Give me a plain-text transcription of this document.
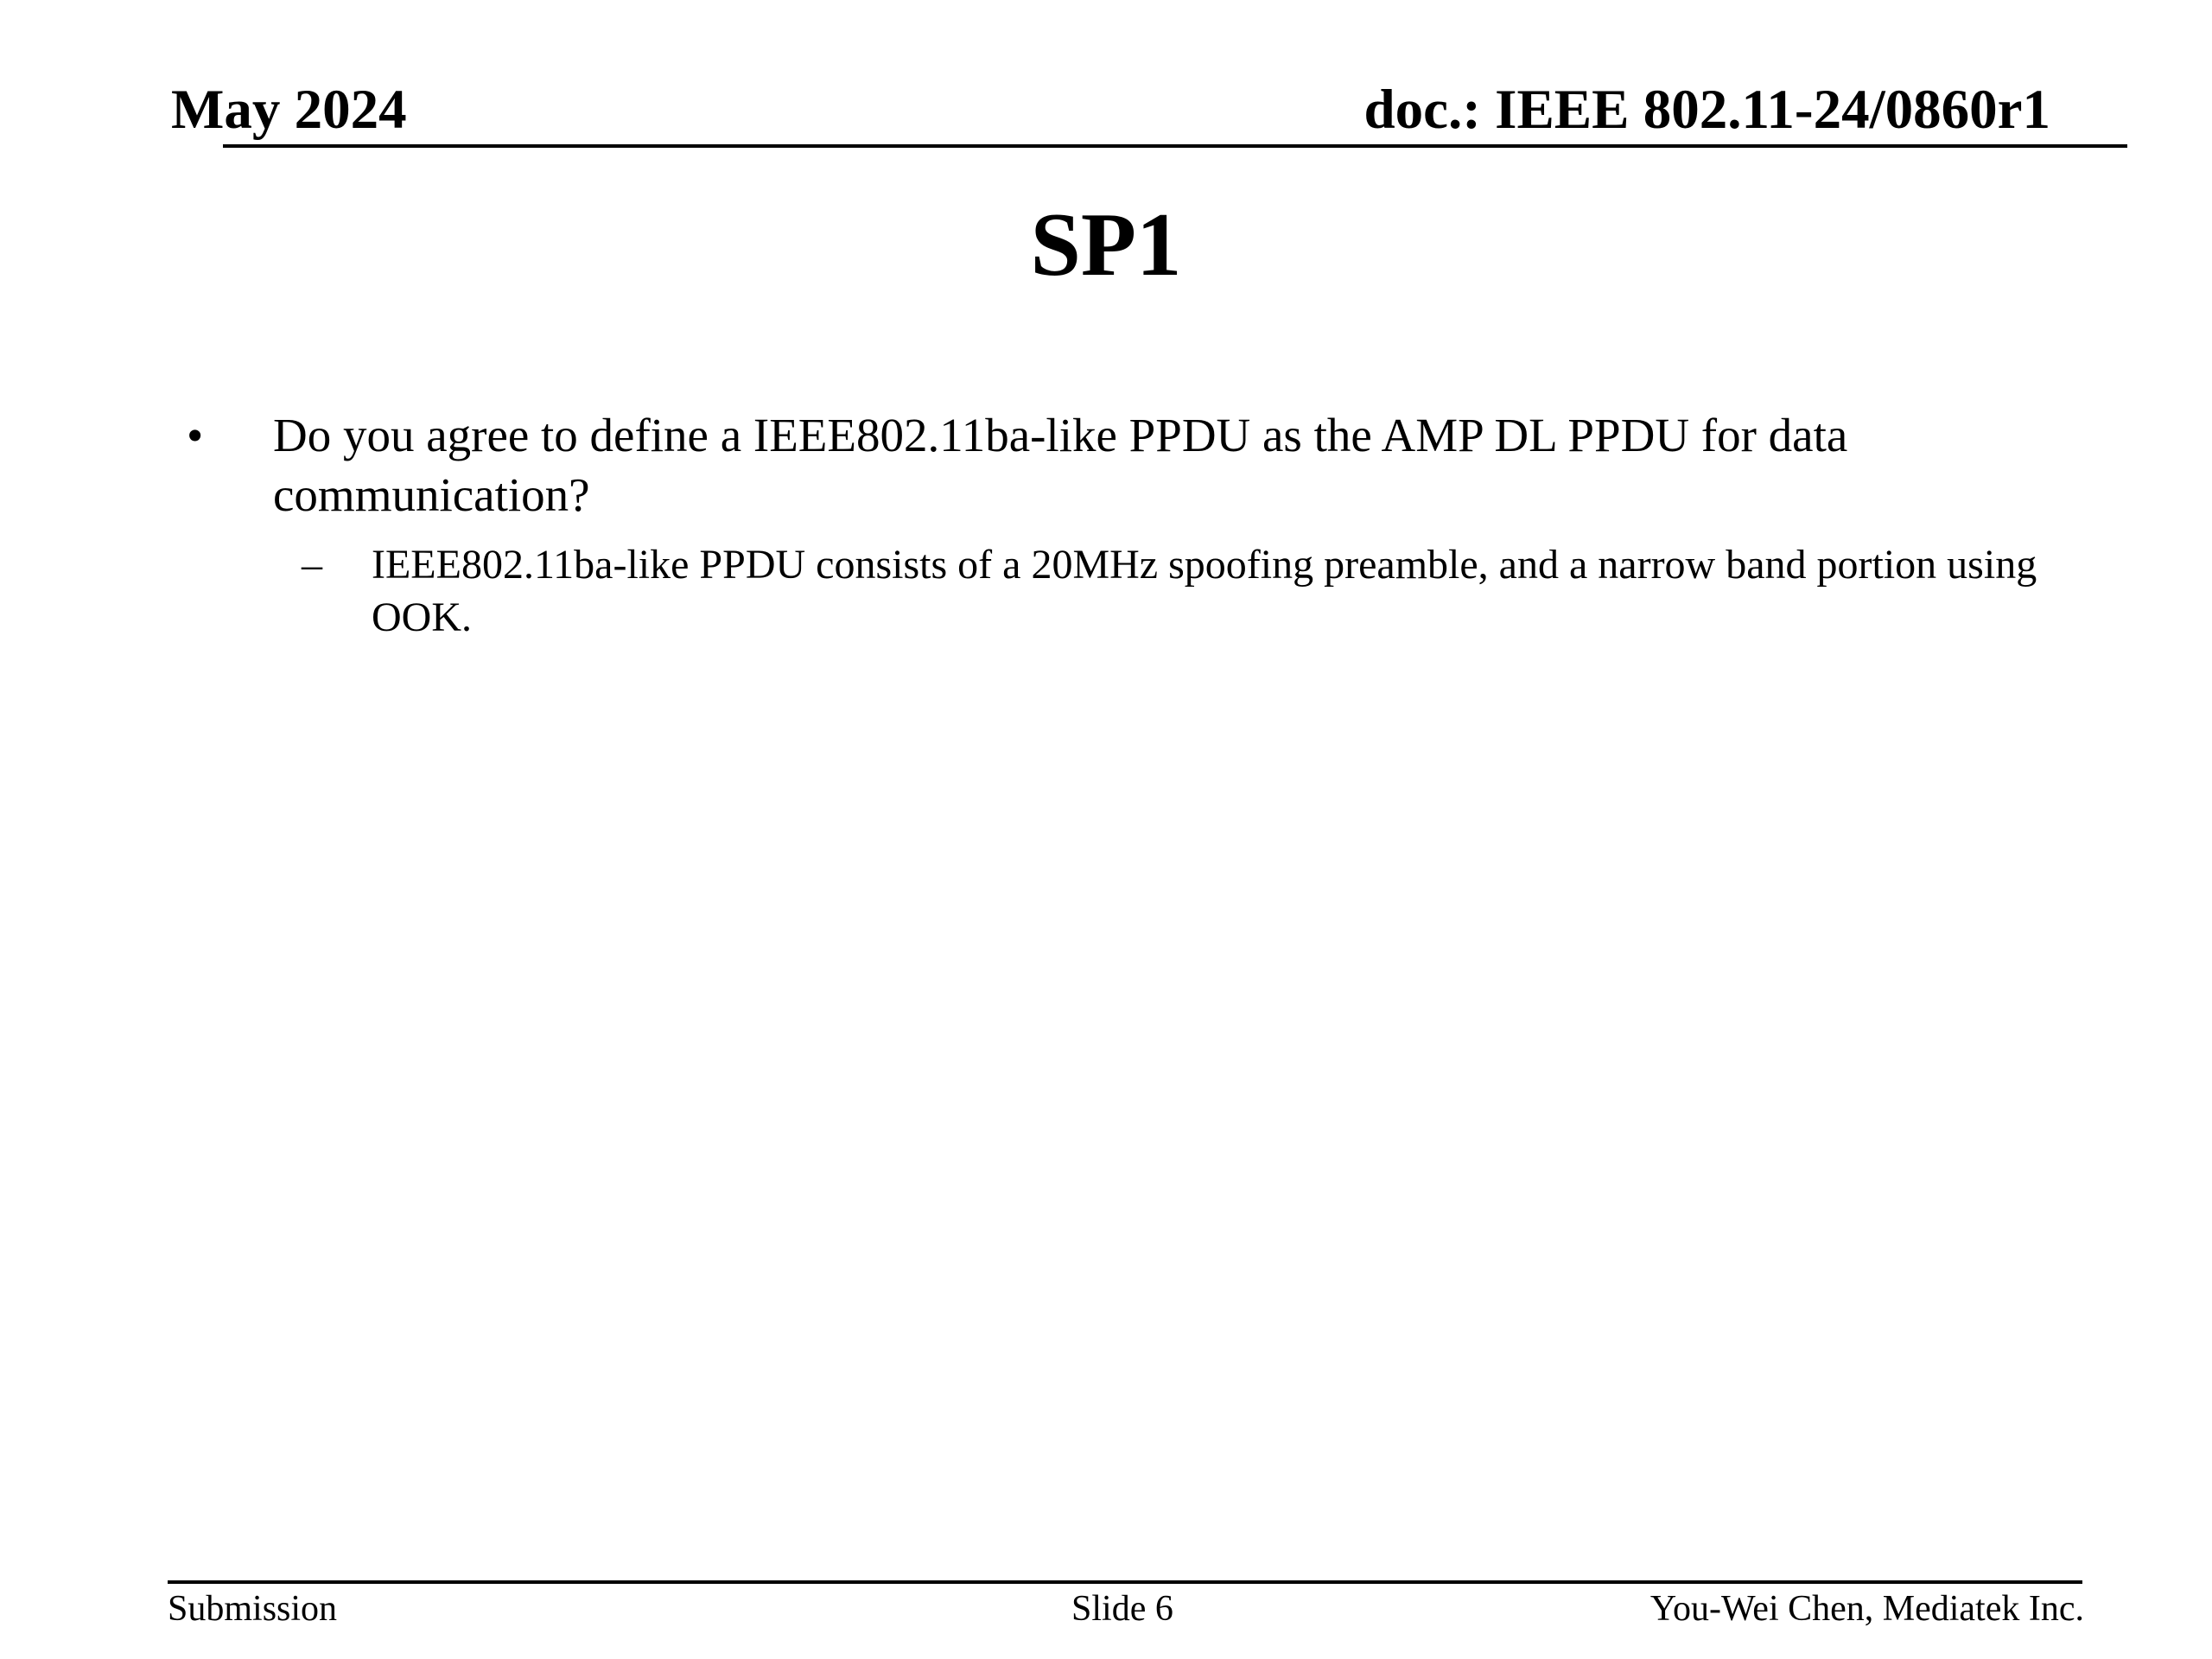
May 2024	doc.: IEEE 802.11-24/0860r1
SP1
• Do you agree to define a IEEE802.11ba-like PPDU as the AMP DL PPDU for data communication?
– IEEE802.11ba-like PPDU consists of a 20MHz spoofing preamble, and a narrow band portion using OOK.
Submission	Slide 6	You-Wei Chen, Mediatek Inc.
